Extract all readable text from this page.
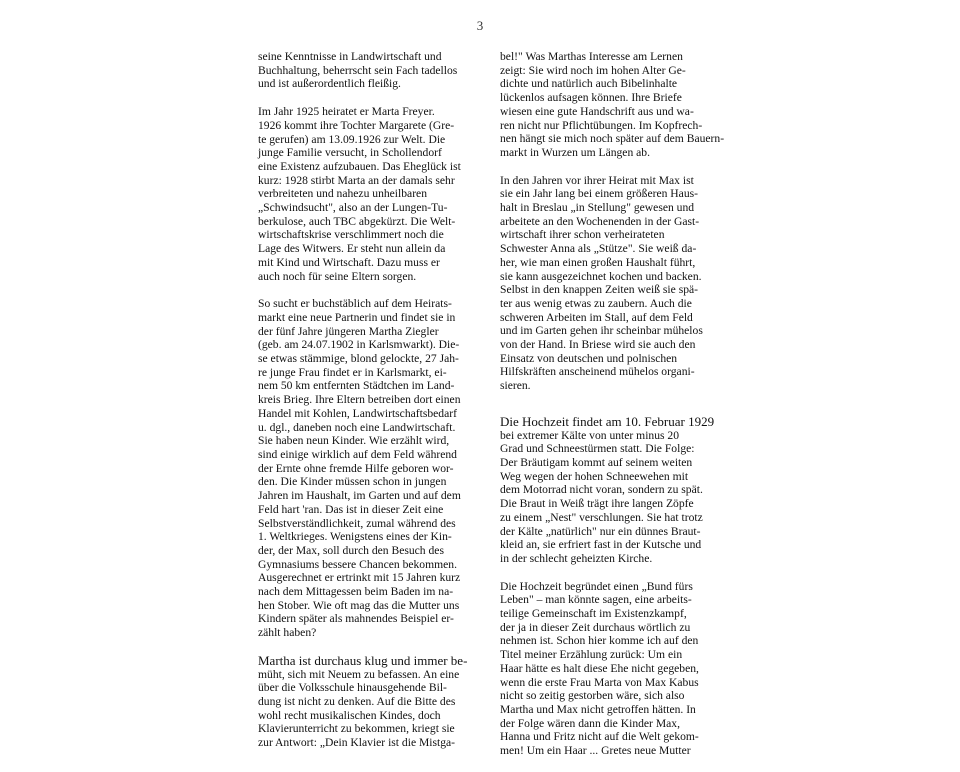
3

seine Kenntnisse in Landwirtschaft und
Buchhaltung, beherrscht sein Fach tadellos
und ist außerordentlich fleißig.

Im Jahr 1925 heiratet er Marta Freyer.
1926 kommt ihre Tochter Margarete (Gre-
te gerufen) am 13.09.1926 zur Welt. Die
junge Familie versucht, in Schollendorf
eine Existenz aufzubauen. Das Eheglück ist
kurz: 1928 stirbt Marta an der damals sehr
verbreiteten und nahezu unheilbaren
„Schwindsucht", also an der Lungen-Tu-
berkulose, auch TBC abgekürzt. Die Welt-
wirtschaftskrise verschlimmert noch die
Lage des Witwers. Er steht nun allein da
mit Kind und Wirtschaft. Dazu muss er
auch noch für seine Eltern sorgen.

So sucht er buchstäblich auf dem Heirats-
markt eine neue Partnerin und findet sie in
der fünf Jahre jüngeren Martha Ziegler
(geb. am 24.07.1902 in Karlsmwarkt). Die-
se etwas stämmige, blond gelockte, 27 Jah-
re junge Frau findet er in Karlsmarkt, ei-
nem 50 km entfernten Städtchen im Land-
kreis Brieg. Ihre Eltern betreiben dort einen
Handel mit Kohlen, Landwirtschaftsbedarf
u. dgl., daneben noch eine Landwirtschaft.
Sie haben neun Kinder. Wie erzählt wird,
sind einige wirklich auf dem Feld während
der Ernte ohne fremde Hilfe geboren wor-
den. Die Kinder müssen schon in jungen
Jahren im Haushalt, im Garten und auf dem
Feld hart 'ran. Das ist in dieser Zeit eine
Selbstverständlichkeit, zumal während des
1. Weltkrieges. Wenigstens eines der Kin-
der, der Max, soll durch den Besuch des
Gymnasiums bessere Chancen bekommen.
Ausgerechnet er ertrinkt mit 15 Jahren kurz
nach dem Mittagessen beim Baden im na-
hen Stober. Wie oft mag das die Mutter uns
Kindern später als mahnendes Beispiel er-
zählt haben?

Martha ist durchaus klug und immer be-
müht, sich mit Neuem zu befassen. An eine
über die Volksschule hinausgehende Bil-
dung ist nicht zu denken. Auf die Bitte des
wohl recht musikalischen Kindes, doch
Klavierunterricht zu bekommen, kriegt sie
zur Antwort: „Dein Klavier ist die Mistga-

bel!" Was Marthas Interesse am Lernen
zeigt: Sie wird noch im hohen Alter Ge-
dichte und natürlich auch Bibelinhalte
lückenlos aufsagen können. Ihre Briefe
wiesen eine gute Handschrift aus und wa-
ren nicht nur Pflichtübungen. Im Kopfrech-
nen hängt sie mich noch später auf dem Bauern-
markt in Wurzen um Längen ab.

In den Jahren vor ihrer Heirat mit Max ist
sie ein Jahr lang bei einem größeren Haus-
halt in Breslau „in Stellung" gewesen und
arbeitete an den Wochenenden in der Gast-
wirtschaft ihrer schon verheirateten
Schwester Anna als „Stütze". Sie weiß da-
her, wie man einen großen Haushalt führt,
sie kann ausgezeichnet kochen und backen.
Selbst in den knappen Zeiten weiß sie spä-
ter aus wenig etwas zu zaubern. Auch die
schweren Arbeiten im Stall, auf dem Feld
und im Garten gehen ihr scheinbar mühelos
von der Hand. In Briese wird sie auch den
Einsatz von deutschen und polnischen
Hilfskräften anscheinend mühelos organi-
sieren.

Die Hochzeit findet am 10. Februar 1929
bei extremer Kälte von unter minus 20
Grad und Schneestürmen statt. Die Folge:
Der Bräutigam kommt auf seinem weiten
Weg wegen der hohen Schneewehen mit
dem Motorrad nicht voran, sondern zu spät.
Die Braut in Weiß trägt ihre langen Zöpfe
zu einem „Nest" verschlungen. Sie hat trotz
der Kälte „natürlich" nur ein dünnes Braut-
kleid an, sie erfriert fast in der Kutsche und
in der schlecht geheizten Kirche.

Die Hochzeit begründet einen „Bund fürs
Leben" – man könnte sagen, eine arbeits-
teilige Gemeinschaft im Existenzkampf,
der ja in dieser Zeit durchaus wörtlich zu
nehmen ist. Schon hier komme ich auf den
Titel meiner Erzählung zurück: Um ein
Haar hätte es halt diese Ehe nicht gegeben,
wenn die erste Frau Marta von Max Kabus
nicht so zeitig gestorben wäre, sich also
Martha und Max nicht getroffen hätten. In
der Folge wären dann die Kinder Max,
Hanna und Fritz nicht auf die Welt gekom-
men! Um ein Haar ... Gretes neue Mutter
